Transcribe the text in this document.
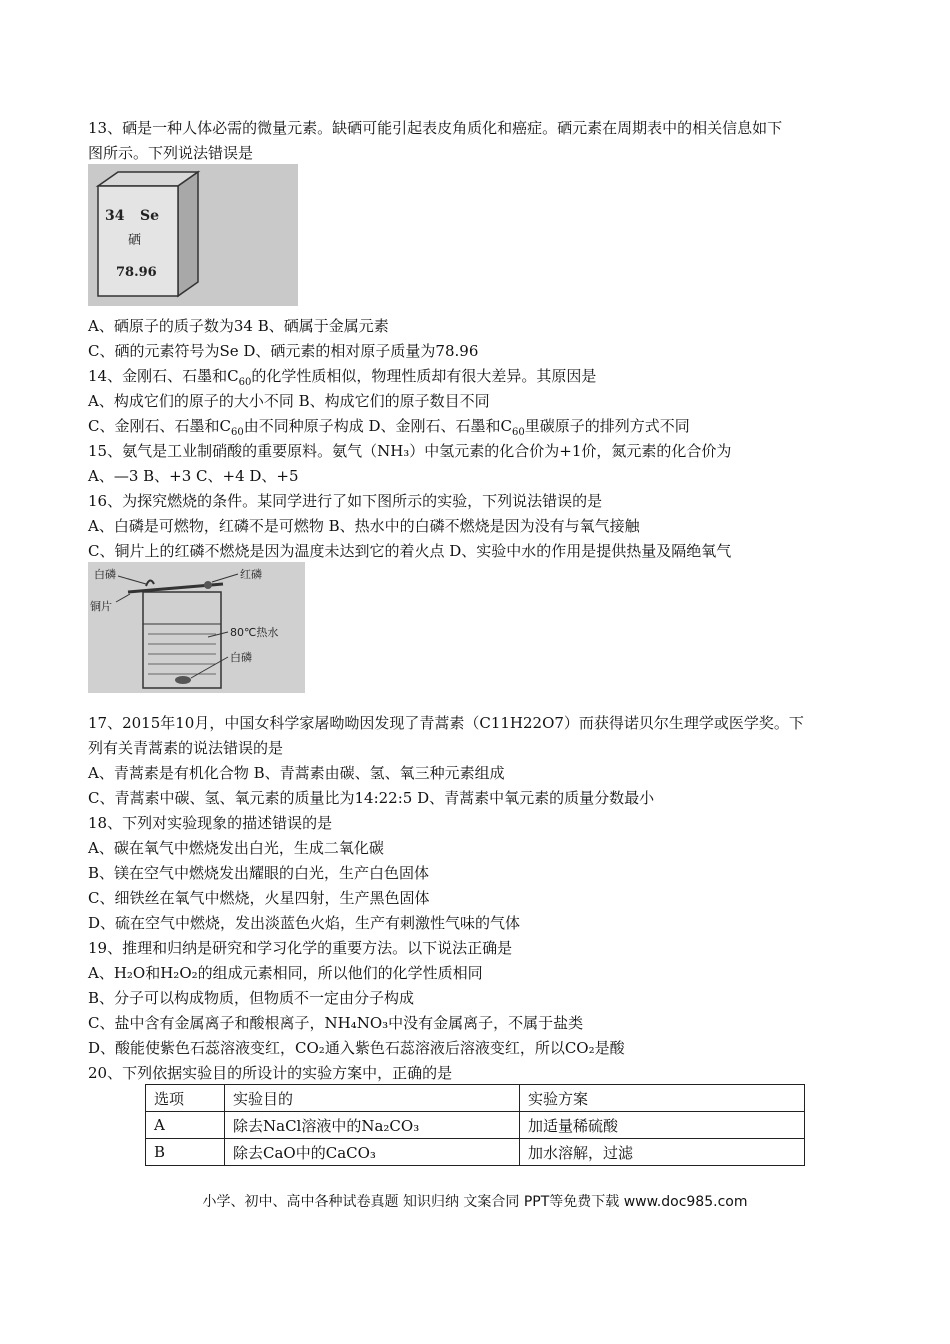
13、硒是一种人体必需的微量元素。缺硒可能引起表皮角质化和癌症。硒元素在周期表中的相关信息如下
图所示。下列说法错误是
34 Se
硒
78.96
A、硒原子的质子数为34 B、硒属于金属元素
C、硒的元素符号为Se D、硒元素的相对原子质量为78.96
14、金刚石、石墨和$C_{60}$的化学性质相似，物理性质却有很大差异。其原因是
A、构成它们的原子的大小不同 B、构成它们的原子数目不同
C、金刚石、石墨和$C_{60}$由不同种原子构成 D、金刚石、石墨和$C_{60}$里碳原子的排列方式不同
15、氨气是工业制硝酸的重要原料。氨气（NH₃）中氢元素的化合价为+1价，氮元素的化合价为
A、—3 B、+3 C、+4 D、+5
16、为探究燃烧的条件。某同学进行了如下图所示的实验，下列说法错误的是
A、白磷是可燃物，红磷不是可燃物 B、热水中的白磷不燃烧是因为没有与氧气接触
C、铜片上的红磷不燃烧是因为温度未达到它的着火点 D、实验中水的作用是提供热量及隔绝氧气
白磷	红磷
铜片
80℃热水
白磷
17、2015年10月，中国女科学家屠呦呦因发现了青蒿素（C11H22O7）而获得诺贝尔生理学或医学奖。下
列有关青蒿素的说法错误的是
A、青蒿素是有机化合物 B、青蒿素由碳、氢、氧三种元素组成
C、青蒿素中碳、氢、氧元素的质量比为14:22:5 D、青蒿素中氧元素的质量分数最小
18、下列对实验现象的描述错误的是
A、碳在氧气中燃烧发出白光，生成二氧化碳
B、镁在空气中燃烧发出耀眼的白光，生产白色固体
C、细铁丝在氧气中燃烧，火星四射，生产黑色固体
D、硫在空气中燃烧，发出淡蓝色火焰，生产有刺激性气味的气体
19、推理和归纳是研究和学习化学的重要方法。以下说法正确是
A、H₂O和H₂O₂的组成元素相同，所以他们的化学性质相同
B、分子可以构成物质，但物质不一定由分子构成
C、盐中含有金属离子和酸根离子，NH₄NO₃中没有金属离子，不属于盐类
D、酸能使紫色石蕊溶液变红，CO₂通入紫色石蕊溶液后溶液变红，所以CO₂是酸
20、下列依据实验目的所设计的实验方案中，正确的是
选项	实验目的	实验方案
A	除去NaCl溶液中的Na₂CO₃	加适量稀硫酸
B	除去CaO中的CaCO₃	加水溶解，过滤
小学、初中、高中各种试卷真题 知识归纳 文案合同 PPT等免费下载 www.doc985.com
